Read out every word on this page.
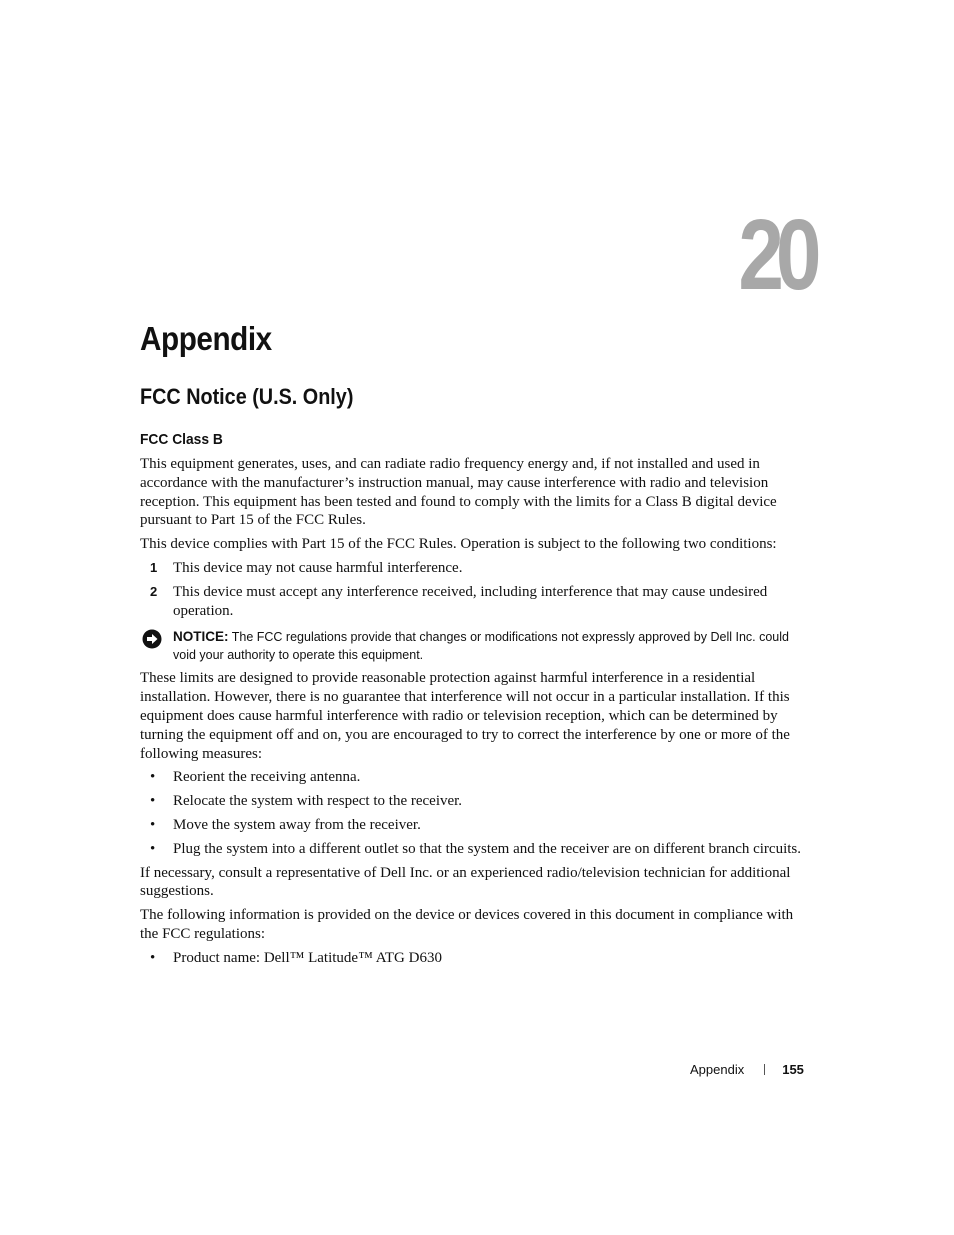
20
Appendix
FCC Notice (U.S. Only)
FCC Class B

This equipment generates, uses, and can radiate radio frequency energy and, if not installed and used in accordance with the manufacturer’s instruction manual, may cause interference with radio and television reception. This equipment has been tested and found to comply with the limits for a Class B digital device pursuant to Part 15 of the FCC Rules.

This device complies with Part 15 of the FCC Rules. Operation is subject to the following two conditions:

1 This device may not cause harmful interference.
2 This device must accept any interference received, including interference that may cause undesired operation.
NOTICE: The FCC regulations provide that changes or modifications not expressly approved by Dell Inc. could void your authority to operate this equipment.

These limits are designed to provide reasonable protection against harmful interference in a residential installation. However, there is no guarantee that interference will not occur in a particular installation. If this equipment does cause harmful interference with radio or television reception, which can be determined by turning the equipment off and on, you are encouraged to try to correct the interference by one or more of the following measures:

• Reorient the receiving antenna.
• Relocate the system with respect to the receiver.
• Move the system away from the receiver.
• Plug the system into a different outlet so that the system and the receiver are on different branch circuits.

If necessary, consult a representative of Dell Inc. or an experienced radio/television technician for additional suggestions.

The following information is provided on the device or devices covered in this document in compliance with the FCC regulations:

• Product name: Dell™ Latitude™ ATG D630
Appendix	155
